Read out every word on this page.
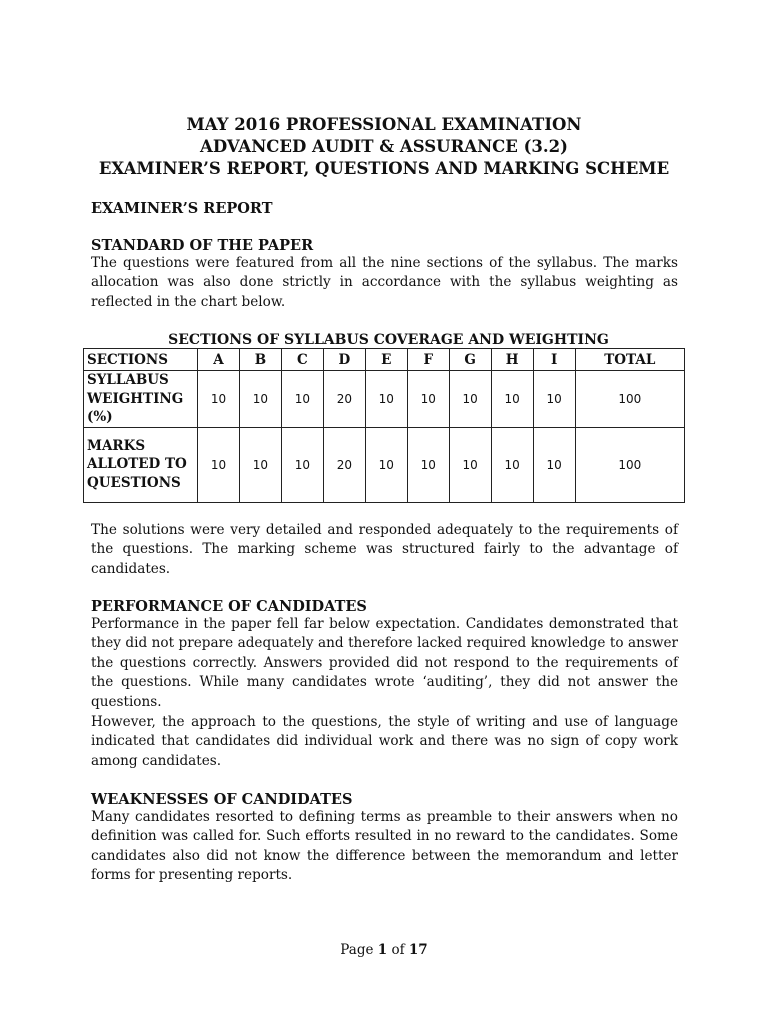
MAY 2016 PROFESSIONAL EXAMINATION
ADVANCED AUDIT & ASSURANCE (3.2)
EXAMINER’S REPORT, QUESTIONS AND MARKING SCHEME
EXAMINER’S REPORT
STANDARD OF THE PAPER

The questions were featured from all the nine sections of the syllabus. The marks allocation was also done strictly in accordance with the syllabus weighting as reflected in the chart below.

SECTIONS OF SYLLABUS COVERAGE AND WEIGHTING
SECTIONS	A	B	C	D	E	F	G	H	I	TOTAL
SYLLABUS WEIGHTING (%)	10	10	10	20	10	10	10	10	10	100
MARKS ALLOTED TO QUESTIONS	10	10	10	20	10	10	10	10	10	100

The solutions were very detailed and responded adequately to the requirements of the questions. The marking scheme was structured fairly to the advantage of candidates.

PERFORMANCE OF CANDIDATES

Performance in the paper fell far below expectation. Candidates demonstrated that they did not prepare adequately and therefore lacked required knowledge to answer the questions correctly. Answers provided did not respond to the requirements of the questions. While many candidates wrote ‘auditing’, they did not answer the questions.

However, the approach to the questions, the style of writing and use of language indicated that candidates did individual work and there was no sign of copy work among candidates.

WEAKNESSES OF CANDIDATES

Many candidates resorted to defining terms as preamble to their answers when no definition was called for. Such efforts resulted in no reward to the candidates. Some candidates also did not know the difference between the memorandum and letter forms for presenting reports.

Page 1 of 17
